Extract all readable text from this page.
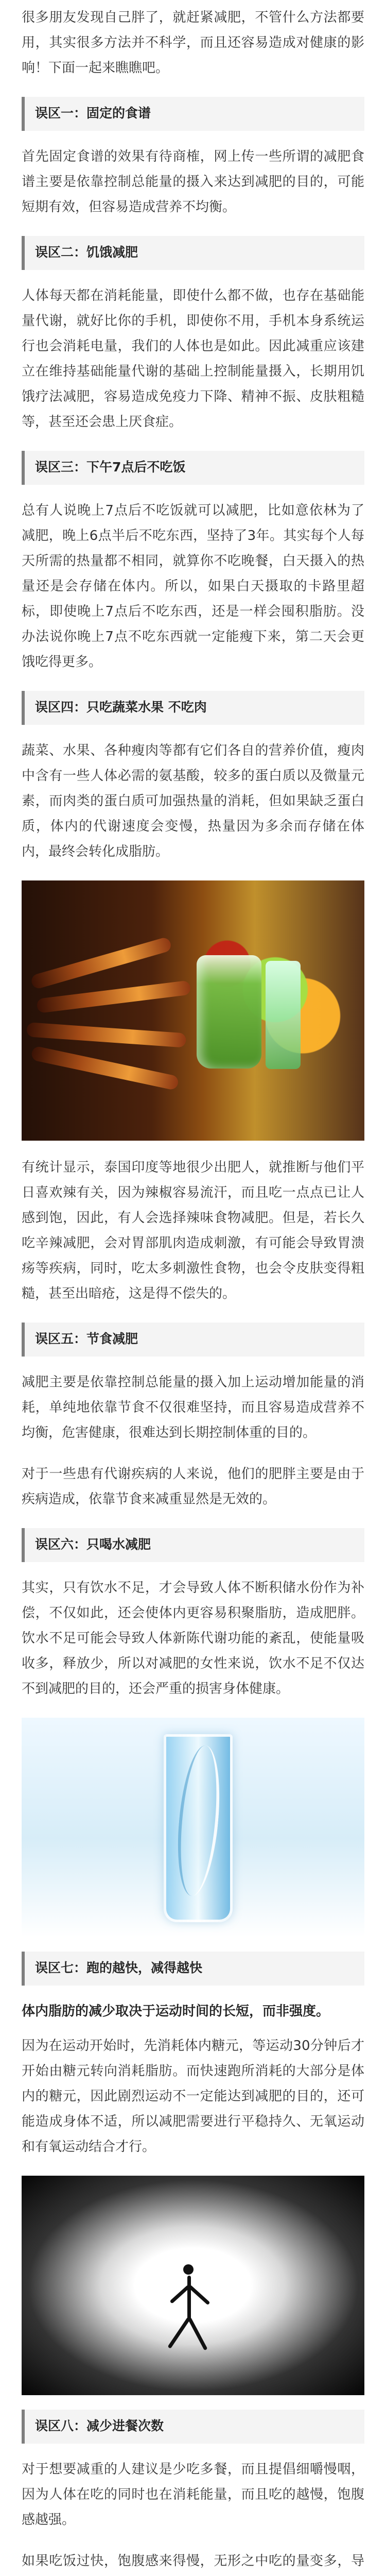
很多朋友发现自己胖了，就赶紧减肥，不管什么方法都要用，其实很多方法并不科学，而且还容易造成对健康的影响！下面一起来瞧瞧吧。

误区一：固定的食谱

首先固定食谱的效果有待商榷，网上传一些所谓的减肥食谱主要是依靠控制总能量的摄入来达到减肥的目的，可能短期有效，但容易造成营养不均衡。

误区二：饥饿减肥

人体每天都在消耗能量，即使什么都不做，也存在基础能量代谢，就好比你的手机，即使你不用，手机本身系统运行也会消耗电量，我们的人体也是如此。因此减重应该建立在维持基础能量代谢的基础上控制能量摄入，长期用饥饿疗法减肥，容易造成免疫力下降、精神不振、皮肤粗糙等，甚至还会患上厌食症。

误区三：下午7点后不吃饭

总有人说晚上7点后不吃饭就可以减肥，比如意依林为了减肥，晚上6点半后不吃东西，坚持了3年。其实每个人每天所需的热量都不相同，就算你不吃晚餐，白天摄入的热量还是会存储在体内。所以，如果白天摄取的卡路里超标，即使晚上7点后不吃东西，还是一样会囤积脂肪。没办法说你晚上7点不吃东西就一定能瘦下来，第二天会更饿吃得更多。

误区四：只吃蔬菜水果 不吃肉

蔬菜、水果、各种瘦肉等都有它们各自的营养价值，瘦肉中含有一些人体必需的氨基酸，较多的蛋白质以及微量元素，而肉类的蛋白质可加强热量的消耗，但如果缺乏蛋白质，体内的代谢速度会变慢，热量因为多余而存储在体内，最终会转化成脂肪。

有统计显示，泰国印度等地很少出肥人，就推断与他们平日喜欢辣有关，因为辣椒容易流汗，而且吃一点点已让人感到饱，因此，有人会选择辣味食物减肥。但是，若长久吃辛辣减肥，会对胃部肌肉造成刺激，有可能会导致胃溃疡等疾病，同时，吃太多刺激性食物，也会令皮肤变得粗糙，甚至出暗疮，这是得不偿失的。

误区五：节食减肥

减肥主要是依靠控制总能量的摄入加上运动增加能量的消耗，单纯地依靠节食不仅很难坚持，而且容易造成营养不均衡，危害健康，很难达到长期控制体重的目的。

对于一些患有代谢疾病的人来说，他们的肥胖主要是由于疾病造成，依靠节食来减重显然是无效的。

误区六：只喝水减肥

其实，只有饮水不足，才会导致人体不断积储水份作为补偿，不仅如此，还会使体内更容易积聚脂肪，造成肥胖。饮水不足可能会导致人体新陈代谢功能的紊乱，使能量吸收多，释放少，所以对减肥的女性来说，饮水不足不仅达不到减肥的目的，还会严重的损害身体健康。

误区七：跑的越快，减得越快

体内脂肪的减少取决于运动时间的长短，而非强度。

因为在运动开始时，先消耗体内糖元，等运动30分钟后才开始由糖元转向消耗脂肪。而快速跑所消耗的大部分是体内的糖元，因此剧烈运动不一定能达到减肥的目的，还可能造成身体不适，所以减肥需要进行平稳持久、无氧运动和有氧运动结合才行。

误区八：减少进餐次数

对于想要减重的人建议是少吃多餐，而且提倡细嚼慢咽，因为人体在吃的同时也在消耗能量，而且吃的越慢，饱腹感越强。

如果吃饭过快，饱腹感来得慢，无形之中吃的量变多，导
